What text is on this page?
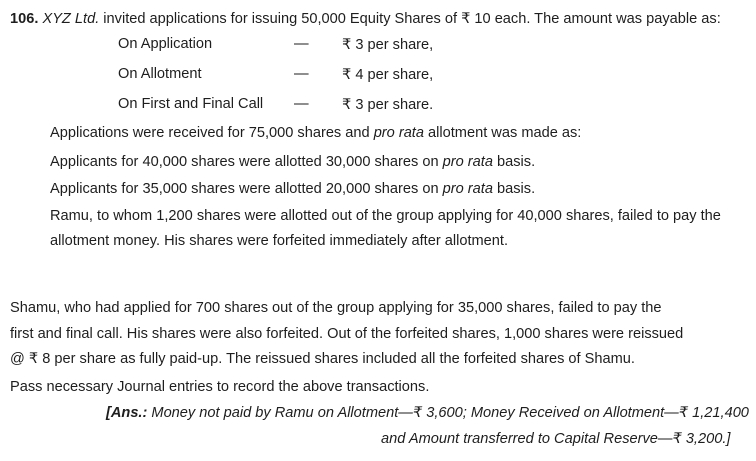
106. XYZ Ltd. invited applications for issuing 50,000 Equity Shares of ₹ 10 each. The amount was payable as:
On Application	— ₹ 3 per share,
On Allotment	— ₹ 4 per share,
On First and Final Call — ₹ 3 per share.
Applications were received for 75,000 shares and pro rata allotment was made as:
Applicants for 40,000 shares were allotted 30,000 shares on pro rata basis.
Applicants for 35,000 shares were allotted 20,000 shares on pro rata basis.
Ramu, to whom 1,200 shares were allotted out of the group applying for 40,000 shares, failed to pay the
allotment money. His shares were forfeited immediately after allotment.
Shamu, who had applied for 700 shares out of the group applying for 35,000 shares, failed to pay the
first and final call. His shares were also forfeited. Out of the forfeited shares, 1,000 shares were reissued
@ ₹ 8 per share as fully paid-up. The reissued shares included all the forfeited shares of Shamu.
Pass necessary Journal entries to record the above transactions.
[Ans.: Money not paid by Ramu on Allotment—₹ 3,600; Money Received on Allotment—₹ 1,21,400
and Amount transferred to Capital Reserve—₹ 3,200.]
